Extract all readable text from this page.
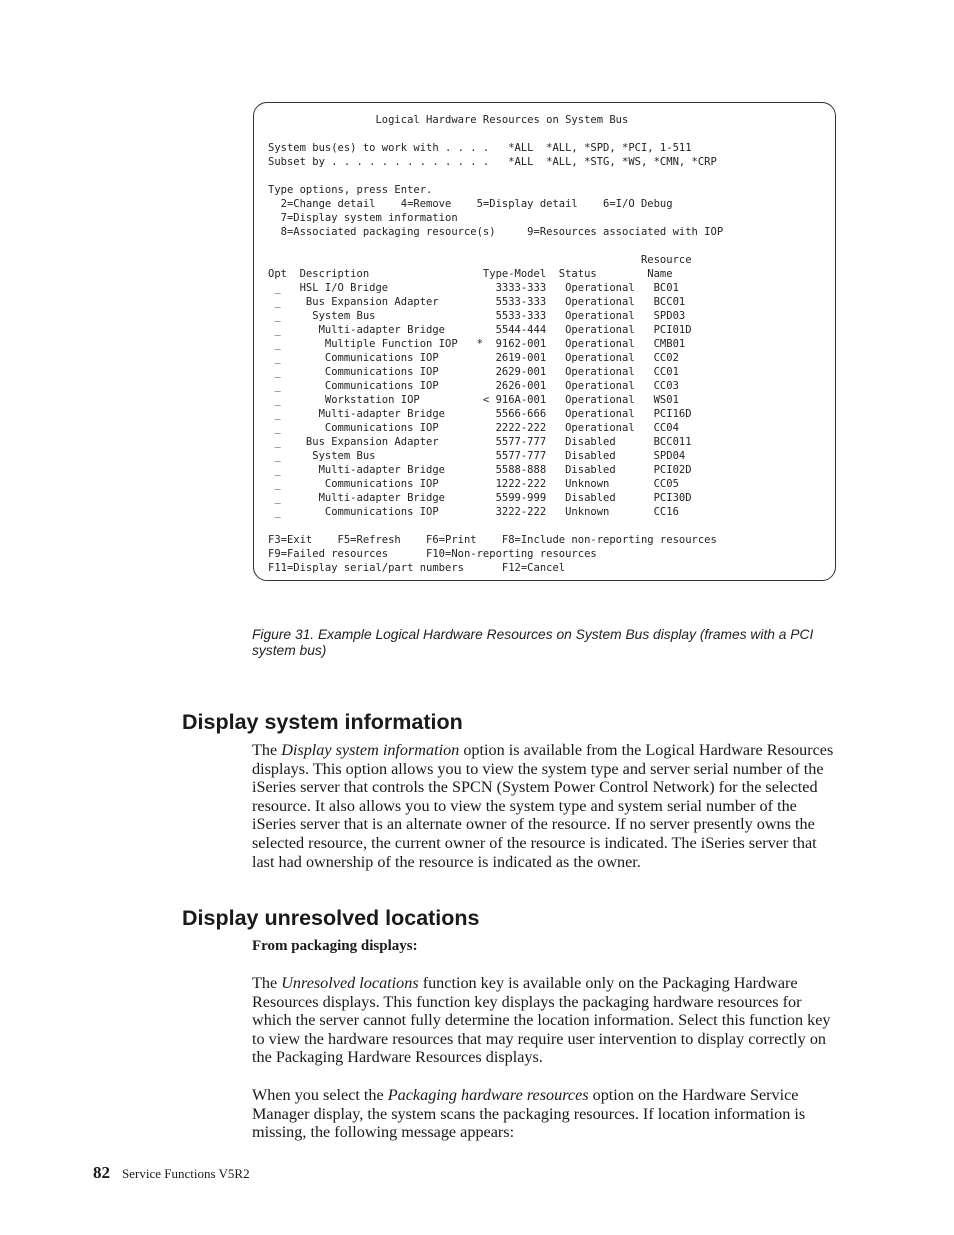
Logical Hardware Resources on System Bus
System bus(es) to work with . . . .   *ALL  *ALL, *SPD, *PCI, 1-511
Subset by . . . . . . . . . . . . .   *ALL  *ALL, *STG, *WS, *CMN, *CRP
Type options, press Enter.
2=Change detail    4=Remove    5=Display detail    6=I/O Debug
7=Display system information
8=Associated packaging resource(s)     9=Resources associated with IOP
Resource
Opt  Description                  Type-Model  Status        Name
_   HSL I/O Bridge                 3333-333   Operational   BC01
_    Bus Expansion Adapter         5533-333   Operational   BCC01
_     System Bus                   5533-333   Operational   SPD03
_      Multi-adapter Bridge        5544-444   Operational   PCI01D
_       Multiple Function IOP   *  9162-001   Operational   CMB01
_       Communications IOP         2619-001   Operational   CC02
_       Communications IOP         2629-001   Operational   CC01
_       Communications IOP         2626-001   Operational   CC03
_       Workstation IOP          < 916A-001   Operational   WS01
_      Multi-adapter Bridge        5566-666   Operational   PCI16D
_       Communications IOP         2222-222   Operational   CC04
_    Bus Expansion Adapter         5577-777   Disabled      BCC011
_     System Bus                   5577-777   Disabled      SPD04
_      Multi-adapter Bridge        5588-888   Disabled      PCI02D
_       Communications IOP         1222-222   Unknown       CC05
_      Multi-adapter Bridge        5599-999   Disabled      PCI30D
_       Communications IOP         3222-222   Unknown       CC16
F3=Exit    F5=Refresh    F6=Print    F8=Include non-reporting resources
F9=Failed resources      F10=Non-reporting resources
F11=Display serial/part numbers      F12=Cancel
Figure 31. Example Logical Hardware Resources on System Bus display (frames with a PCI system bus)
Display system information

The Display system information option is available from the Logical Hardware Resources displays. This option allows you to view the system type and server serial number of the iSeries server that controls the SPCN (System Power Control Network) for the selected resource. It also allows you to view the system type and system serial number of the iSeries server that is an alternate owner of the resource. If no server presently owns the selected resource, the current owner of the resource is indicated. The iSeries server that last had ownership of the resource is indicated as the owner.

Display unresolved locations

From packaging displays:

The Unresolved locations function key is available only on the Packaging Hardware Resources displays. This function key displays the packaging hardware resources for which the server cannot fully determine the location information. Select this function key to view the hardware resources that may require user intervention to display correctly on the Packaging Hardware Resources displays.

When you select the Packaging hardware resources option on the Hardware Service Manager display, the system scans the packaging resources. If location information is missing, the following message appears:

82 Service Functions V5R2
